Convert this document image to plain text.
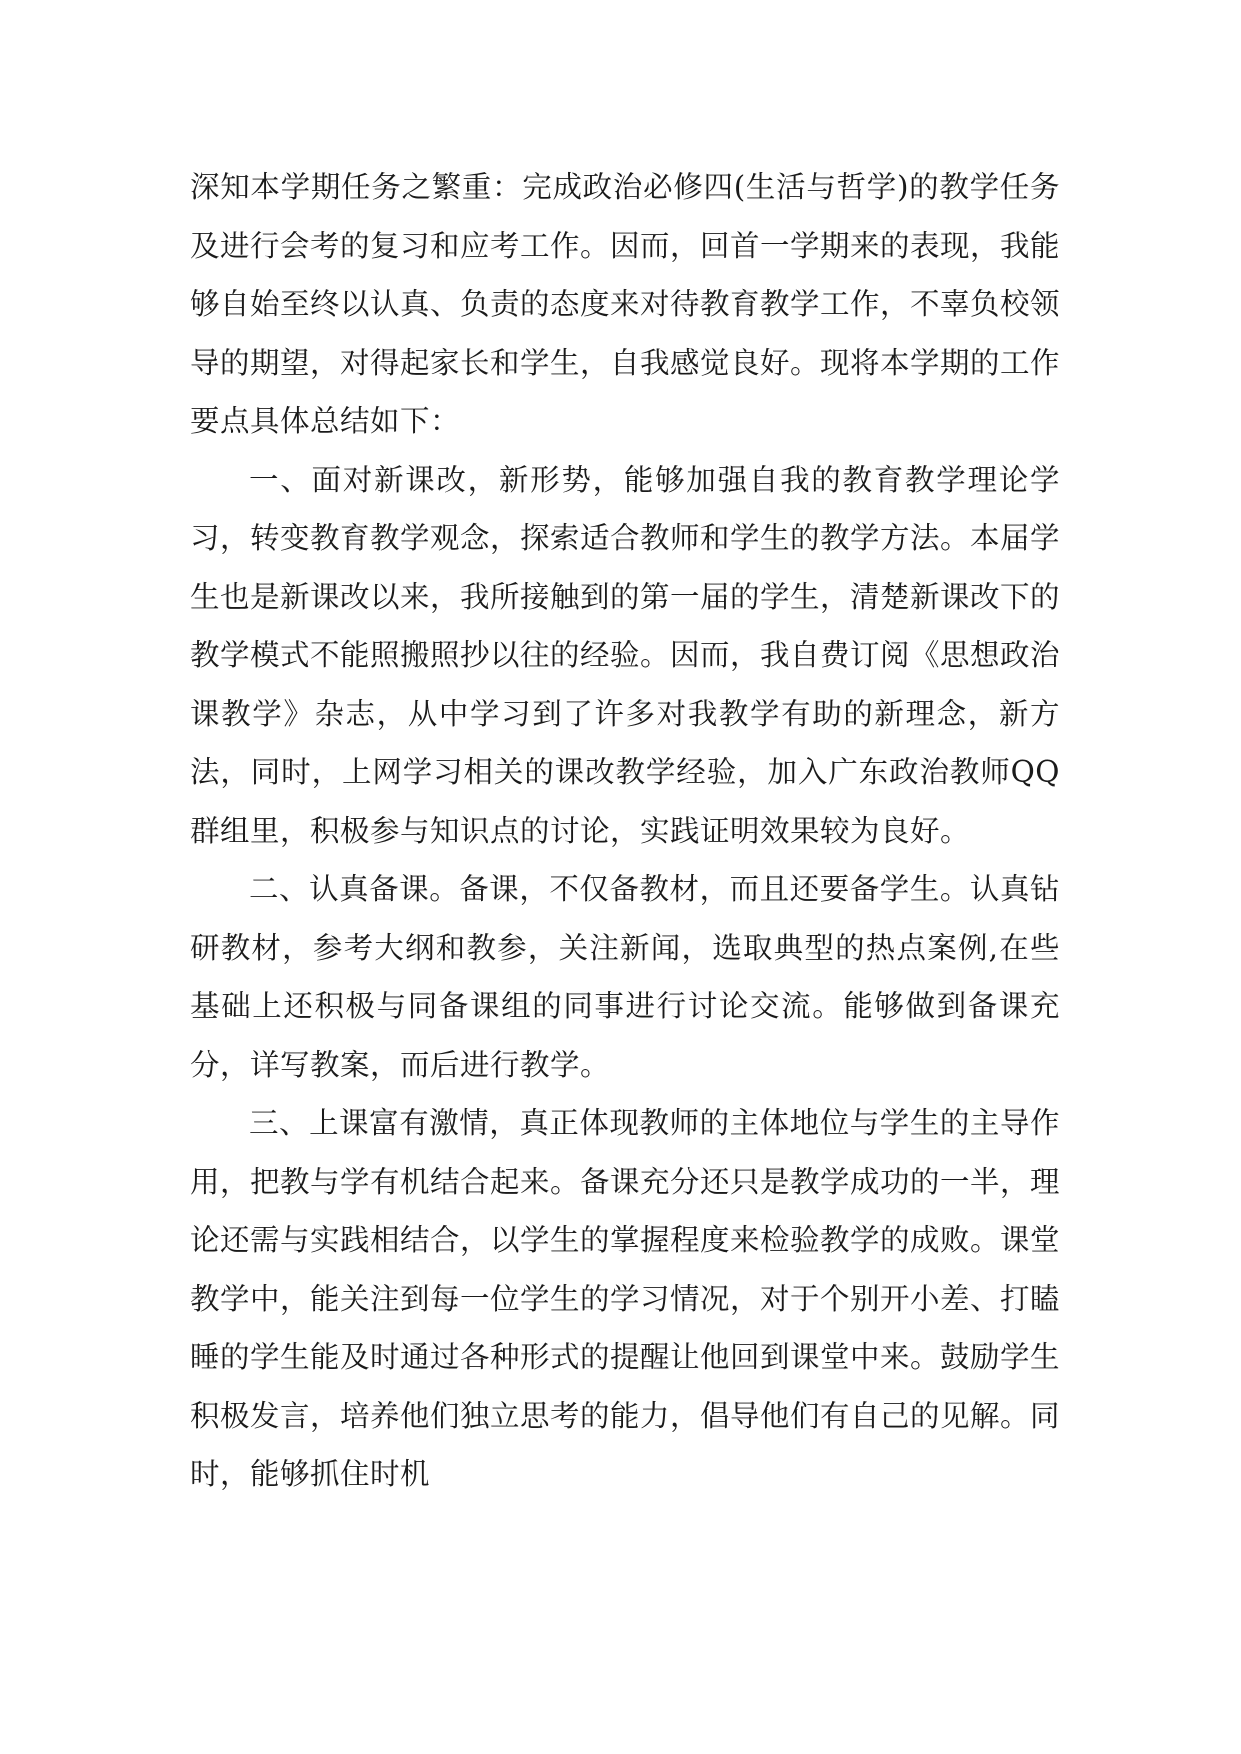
深知本学期任务之繁重：完成政治必修四(生活与哲学)的教学任务及进行会考的复习和应考工作。因而，回首一学期来的表现，我能够自始至终以认真、负责的态度来对待教育教学工作，不辜负校领导的期望，对得起家长和学生，自我感觉良好。现将本学期的工作要点具体总结如下：

一、面对新课改，新形势，能够加强自我的教育教学理论学习，转变教育教学观念，探索适合教师和学生的教学方法。本届学生也是新课改以来，我所接触到的第一届的学生，清楚新课改下的教学模式不能照搬照抄以往的经验。因而，我自费订阅《思想政治课教学》杂志，从中学习到了许多对我教学有助的新理念，新方法，同时，上网学习相关的课改教学经验，加入广东政治教师QQ群组里，积极参与知识点的讨论，实践证明效果较为良好。

二、认真备课。备课，不仅备教材，而且还要备学生。认真钻研教材，参考大纲和教参，关注新闻，选取典型的热点案例,在些基础上还积极与同备课组的同事进行讨论交流。能够做到备课充分，详写教案，而后进行教学。

三、上课富有激情，真正体现教师的主体地位与学生的主导作用，把教与学有机结合起来。备课充分还只是教学成功的一半，理论还需与实践相结合，以学生的掌握程度来检验教学的成败。课堂教学中，能关注到每一位学生的学习情况，对于个别开小差、打瞌睡的学生能及时通过各种形式的提醒让他回到课堂中来。鼓励学生积极发言，培养他们独立思考的能力，倡导他们有自己的见解。同时，能够抓住时机
